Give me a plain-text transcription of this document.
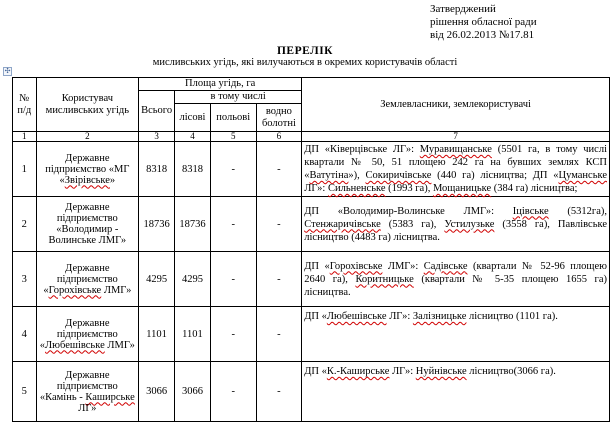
Затверджений
рішення обласної ради
від 26.02.2013 №17.81
ПЕРЕЛІК
мисливських угідь, які вилучаються в окремих користувачів області
✣
№ п/д	Користувач мисливських угідь	Площа угідь, га				Землевласники, землекористувачі
		Всього	в тому числі			
			лісові	польові	водно болотні	
1	2	3	4	5	6	7
1	Державне підприємство «МГ «Звірівське»	8318	8318	-	-	ДП «Ківерцівське ЛГ»: Муравищанське (5501 га, в тому числі квартали № 50, 51 площею 242 га на бувших землях КСП «Ватутіна»), Сокиричівське (440 га) лісництва; ДП «Цуманське ЛГ»: Сильненське (1993 га), Мощаницьке (384 га) лісництва;
2	Державне підприємство «Володимир - Волинське ЛМГ»	18736	18736	-	-	ДП «Володимир-Волинське ЛМГ»: Іцівське (5312га), Стенжаричівське (5383 га), Устилузьке (3558 га), Павлівське лісництво (4483 га) лісництва.
3	Державне підприємство «Горохівське ЛМГ»	4295	4295	-	-	ДП «Горохівське ЛМГ»: Садівське (квартали № 52-96 площею 2640 га), Коритницьке (квартали № 5-35 площею 1655 га) лісництва.
4	Державне підприємство «Любешівське ЛМГ»	1101	1101	-	-	ДП «Любешівське ЛГ»: Залізницьке лісництво (1101 га).
5	Державне підприємство «Камінь - Каширське ЛГ»	3066	3066	-	-	ДП «К.-Каширське ЛГ»: Нуйнівське лісництво(3066 га).
